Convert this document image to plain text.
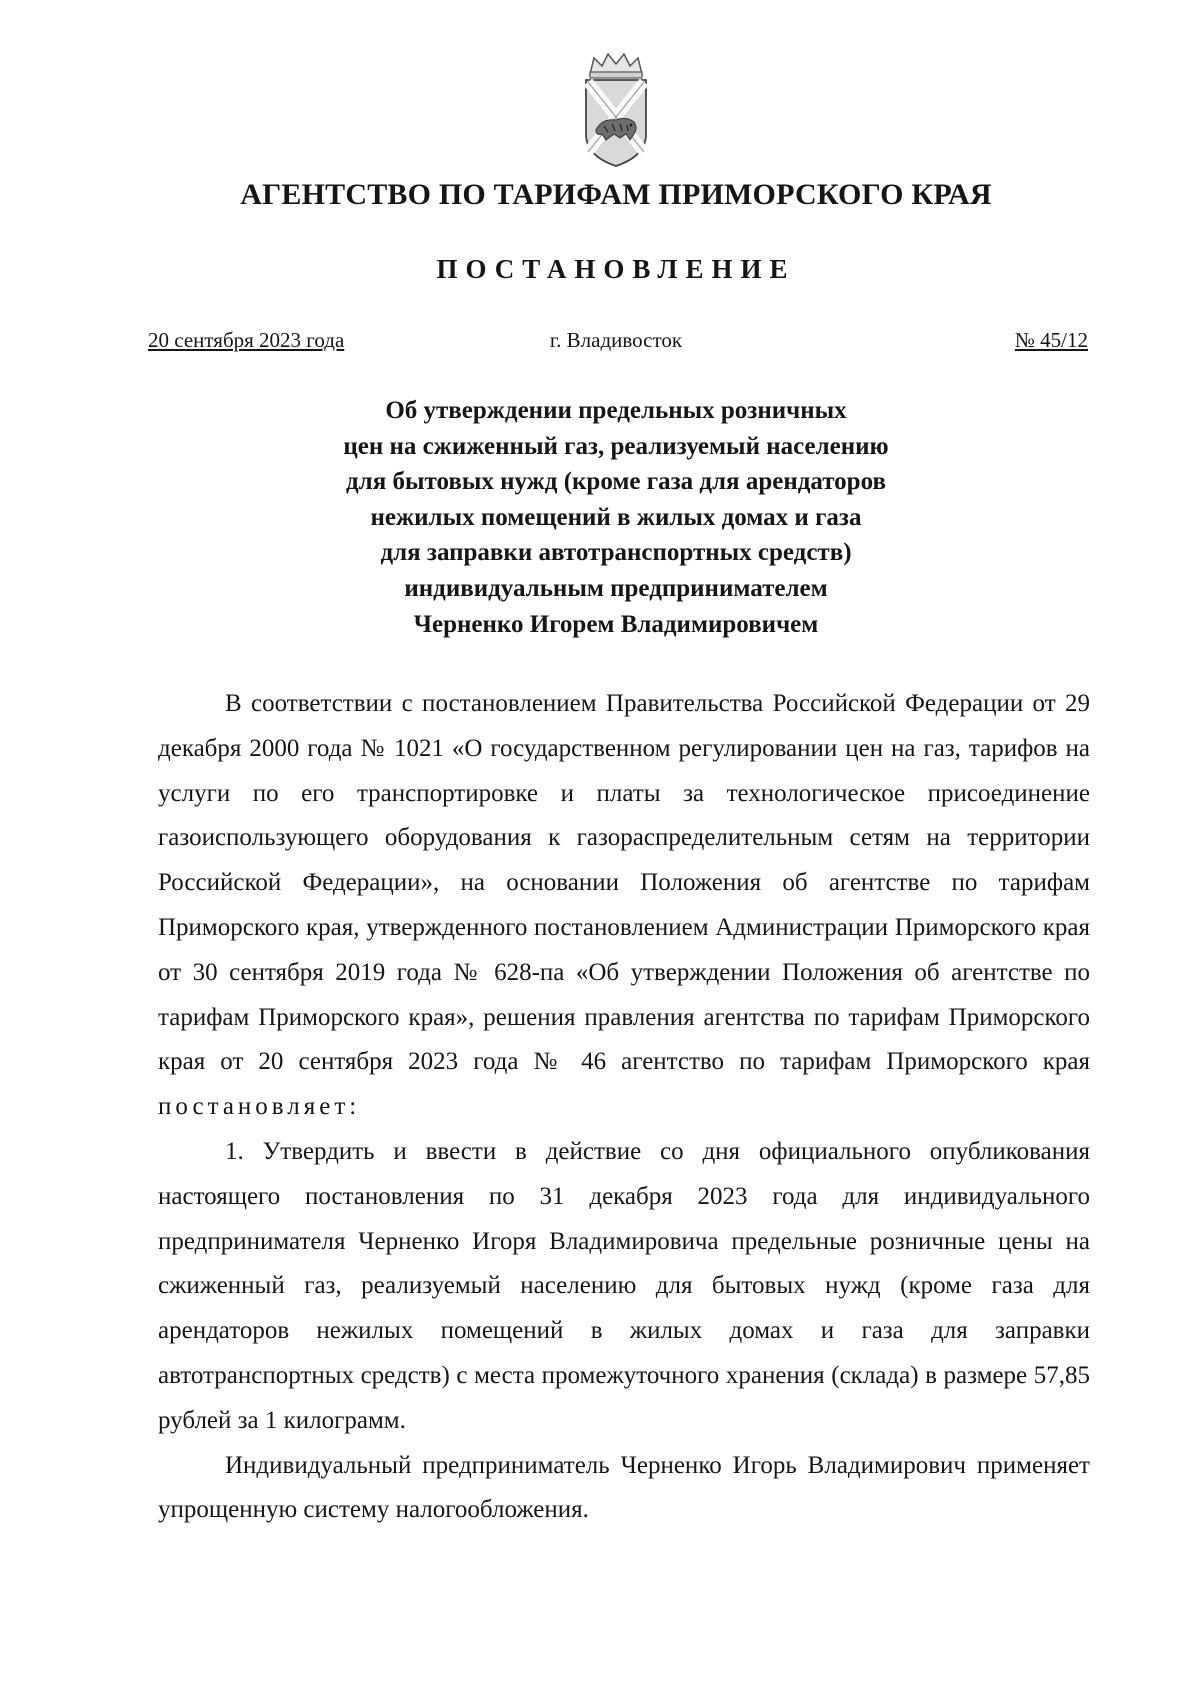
АГЕНТСТВО ПО ТАРИФАМ ПРИМОРСКОГО КРАЯ
ПОСТАНОВЛЕНИЕ
20 сентября 2023 года	г. Владивосток	№ 45/12
Об утверждении предельных розничных
цен на сжиженный газ, реализуемый населению
для бытовых нужд (кроме газа для арендаторов
нежилых помещений в жилых домах и газа
для заправки автотранспортных средств)
индивидуальным предпринимателем
Черненко Игорем Владимировичем

В соответствии с постановлением Правительства Российской Федерации от 29 декабря 2000 года № 1021 «О государственном регулировании цен на газ, тарифов на услуги по его транспортировке и платы за технологическое присоединение газоиспользующего оборудования к газораспределительным сетям на территории Российской Федерации», на основании Положения об агентстве по тарифам Приморского края, утвержденного постановлением Администрации Приморского края от 30 сентября 2019 года № 628-па «Об утверждении Положения об агентстве по тарифам Приморского края», решения правления агентства по тарифам Приморского края от 20 сентября 2023 года № 46 агентство по тарифам Приморского края постановляет:

1. Утвердить и ввести в действие со дня официального опубликования настоящего постановления по 31 декабря 2023 года для индивидуального предпринимателя Черненко Игоря Владимировича предельные розничные цены на сжиженный газ, реализуемый населению для бытовых нужд (кроме газа для арендаторов нежилых помещений в жилых домах и газа для заправки автотранспортных средств) с места промежуточного хранения (склада) в размере 57,85 рублей за 1 килограмм.

Индивидуальный предприниматель Черненко Игорь Владимирович применяет упрощенную систему налогообложения.
